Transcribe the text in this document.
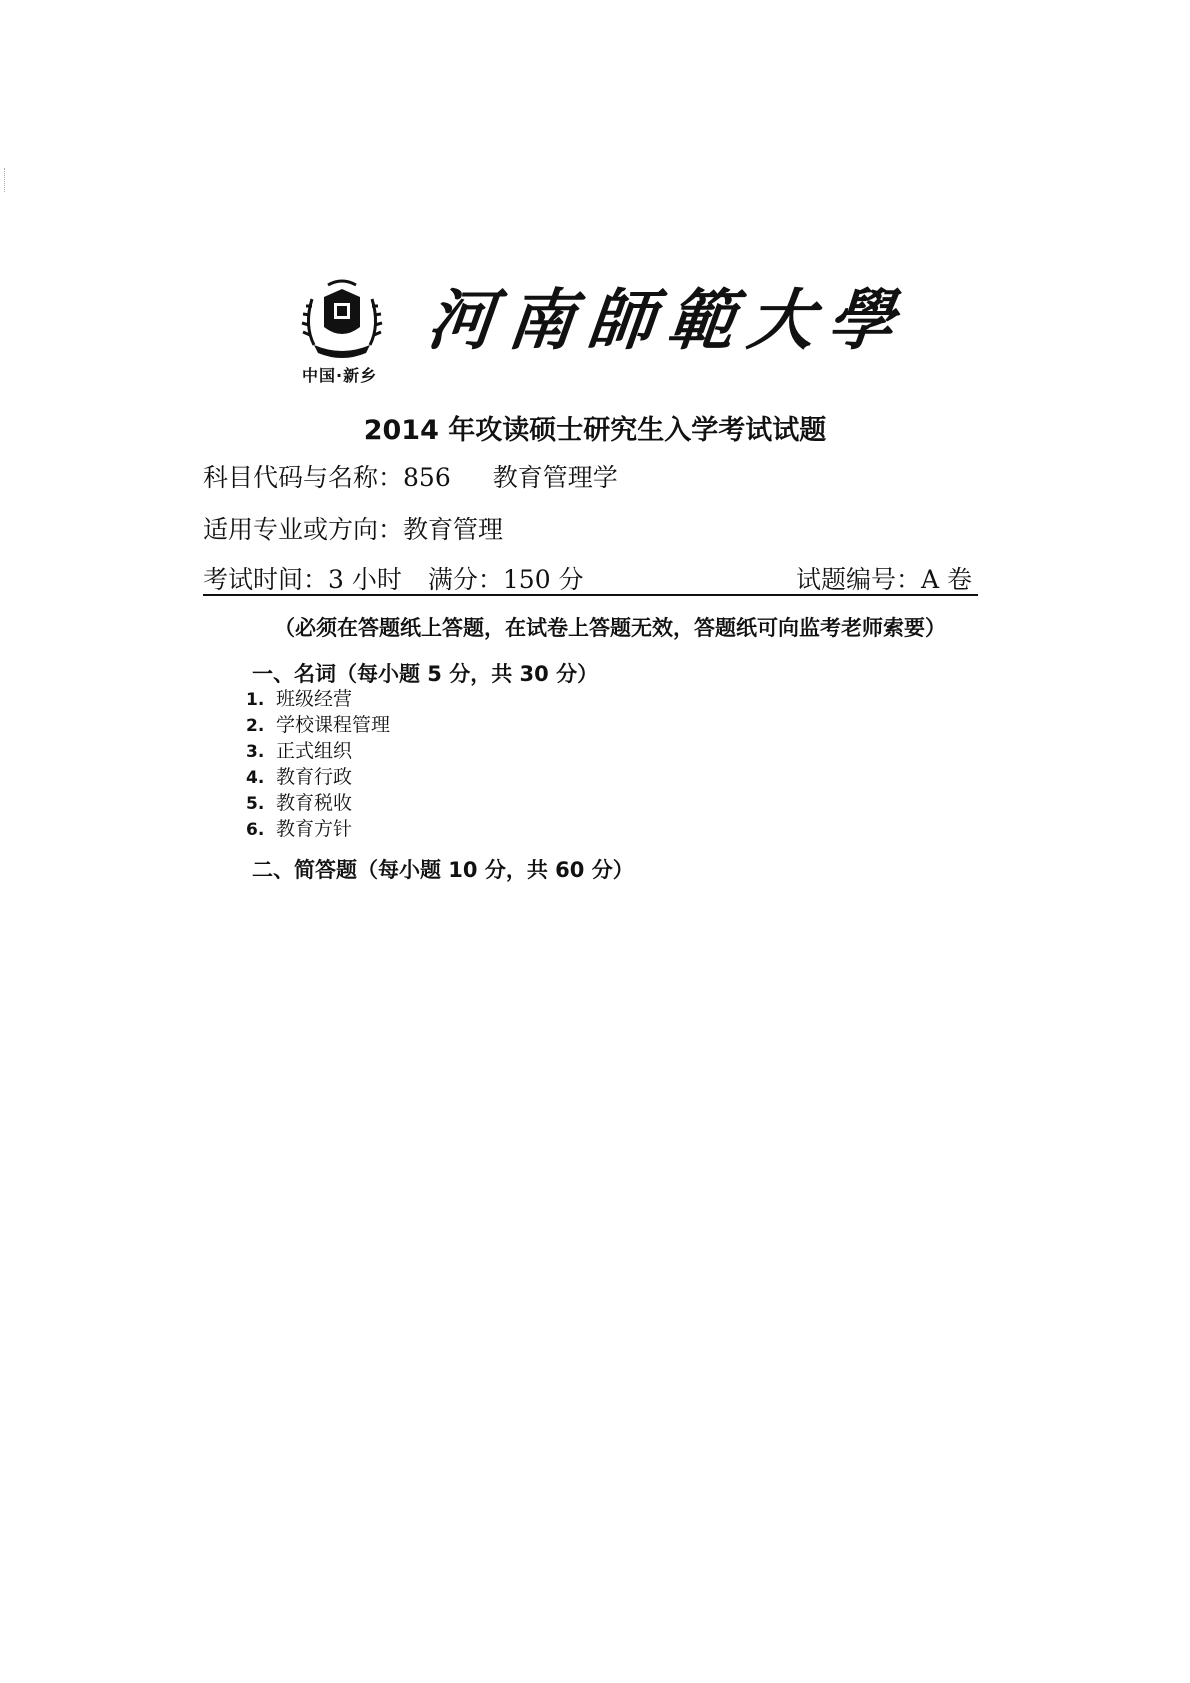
中国·新乡
河南師範大學
2014 年攻读硕士研究生入学考试试题
科目代码与名称：856 教育管理学
适用专业或方向：教育管理
考试时间：3 小时 满分：150 分	试题编号：A 卷
（必须在答题纸上答题，在试卷上答题无效，答题纸可向监考老师索要）
一、名词（每小题 5 分，共 30 分）
1. 班级经营
2. 学校课程管理
3. 正式组织
4. 教育行政
5. 教育税收
6. 教育方针
二、简答题（每小题 10 分，共 60 分）
